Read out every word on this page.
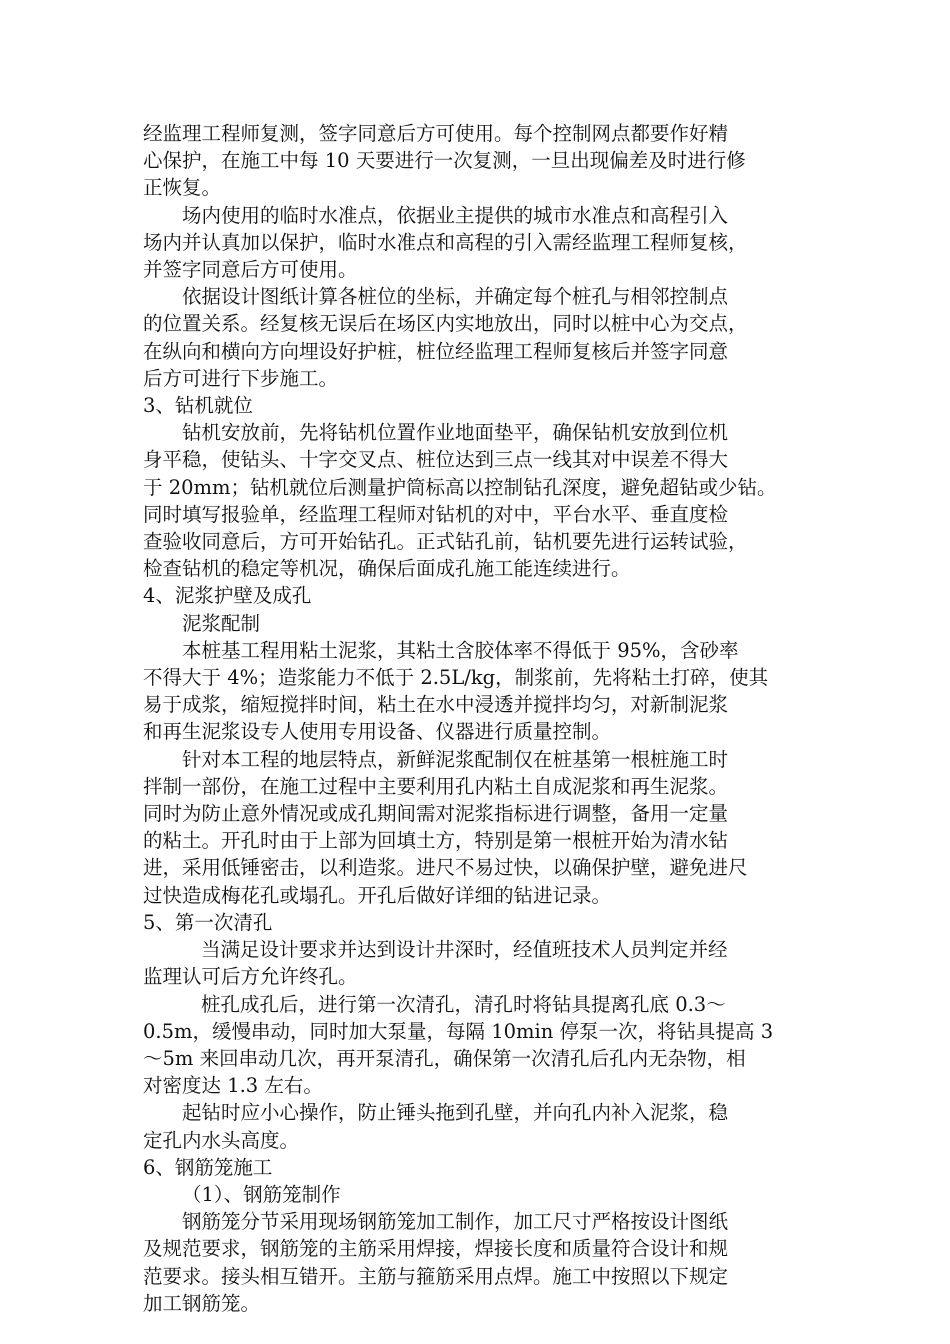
经监理工程师复测，签字同意后方可使用。每个控制网点都要作好精
心保护，在施工中每 10 天要进行一次复测，一旦出现偏差及时进行修
正恢复。

场内使用的临时水准点，依据业主提供的城市水准点和高程引入
场内并认真加以保护，临时水准点和高程的引入需经监理工程师复核，
并签字同意后方可使用。

依据设计图纸计算各桩位的坐标，并确定每个桩孔与相邻控制点
的位置关系。经复核无误后在场区内实地放出，同时以桩中心为交点，
在纵向和横向方向埋设好护桩，桩位经监理工程师复核后并签字同意
后方可进行下步施工。

3、钻机就位

钻机安放前，先将钻机位置作业地面垫平，确保钻机安放到位机
身平稳，使钻头、十字交叉点、桩位达到三点一线其对中误差不得大
于 20mm；钻机就位后测量护筒标高以控制钻孔深度，避免超钻或少钻。
同时填写报验单，经监理工程师对钻机的对中，平台水平、垂直度检
查验收同意后，方可开始钻孔。正式钻孔前，钻机要先进行运转试验，
检查钻机的稳定等机况，确保后面成孔施工能连续进行。

4、泥浆护壁及成孔

泥浆配制

本桩基工程用粘土泥浆，其粘土含胶体率不得低于 95%，含砂率
不得大于 4%；造浆能力不低于 2.5L/kg，制浆前，先将粘土打碎，使其
易于成浆，缩短搅拌时间，粘土在水中浸透并搅拌均匀，对新制泥浆
和再生泥浆设专人使用专用设备、仪器进行质量控制。

针对本工程的地层特点，新鲜泥浆配制仅在桩基第一根桩施工时
拌制一部份，在施工过程中主要利用孔内粘土自成泥浆和再生泥浆。
同时为防止意外情况或成孔期间需对泥浆指标进行调整，备用一定量
的粘土。开孔时由于上部为回填土方，特别是第一根桩开始为清水钻
进，采用低锤密击，以利造浆。进尺不易过快，以确保护壁，避免进尺
过快造成梅花孔或塌孔。开孔后做好详细的钻进记录。

5、第一次清孔

当满足设计要求并达到设计井深时，经值班技术人员判定并经
监理认可后方允许终孔。

桩孔成孔后，进行第一次清孔，清孔时将钻具提离孔底 0.3～
0.5m，缓慢串动，同时加大泵量，每隔 10min 停泵一次，将钻具提高 3
～5m 来回串动几次，再开泵清孔，确保第一次清孔后孔内无杂物，相
对密度达 1.3 左右。

起钻时应小心操作，防止锤头拖到孔壁，并向孔内补入泥浆，稳
定孔内水头高度。

6、钢筋笼施工

（1）、钢筋笼制作

钢筋笼分节采用现场钢筋笼加工制作，加工尺寸严格按设计图纸
及规范要求，钢筋笼的主筋采用焊接，焊接长度和质量符合设计和规
范要求。接头相互错开。主筋与箍筋采用点焊。施工中按照以下规定
加工钢筋笼。
